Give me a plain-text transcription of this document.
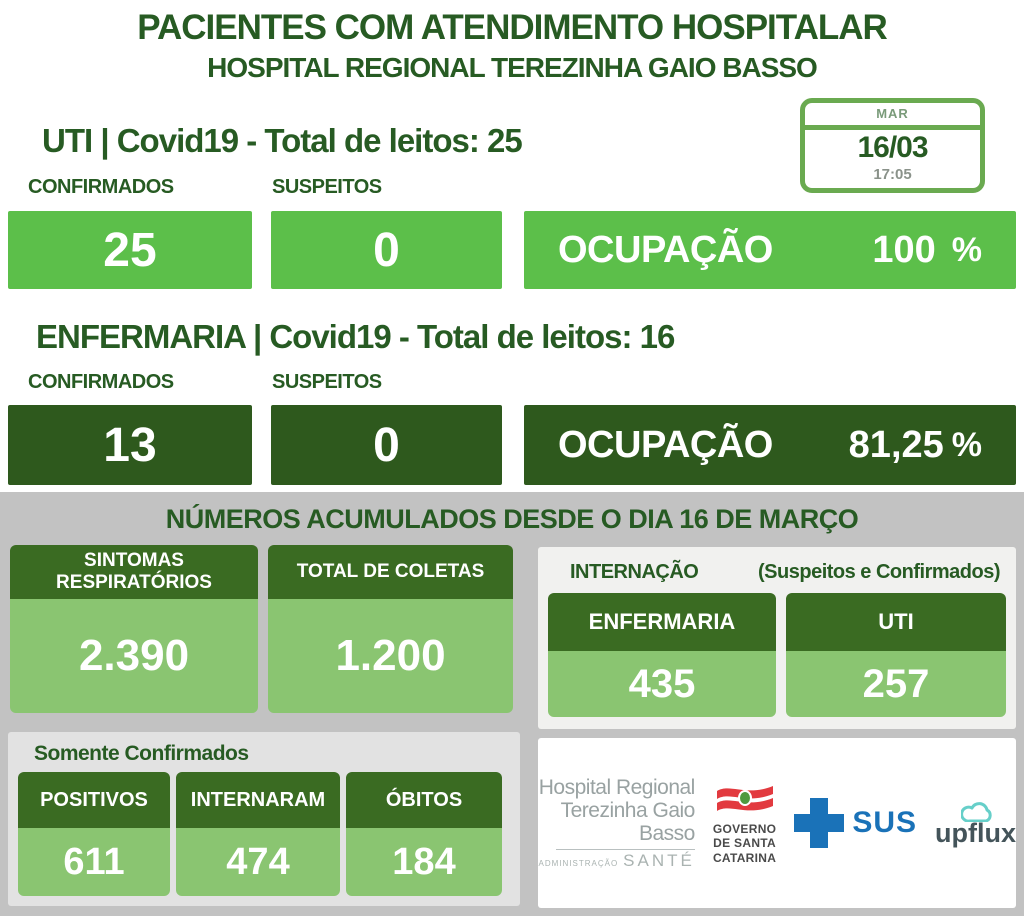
PACIENTES COM ATENDIMENTO HOSPITALAR
HOSPITAL REGIONAL TEREZINHA GAIO BASSO
MAR
16/03
17:05
UTI | Covid19 - Total de leitos: 25
CONFIRMADOS	SUSPEITOS
25	0	OCUPAÇÃO	100 %
ENFERMARIA | Covid19 - Total de leitos: 16
CONFIRMADOS	SUSPEITOS
13	0	OCUPAÇÃO 81,25 %
NÚMEROS ACUMULADOS DESDE O DIA 16 DE MARÇO
SINTOMAS RESPIRATÓRIOS
2.390
TOTAL DE COLETAS
1.200
INTERNAÇÃO	(Suspeitos e Confirmados)
ENFERMARIA
435
UTI
257
Somente Confirmados
POSITIVOS
611
INTERNARAM
474
ÓBITOS
184
Hospital Regional
Terezinha Gaio Basso
ADMINISTRAÇÃO SANTÉ
GOVERNO
DE SANTA
CATARINA
SUS upflux
